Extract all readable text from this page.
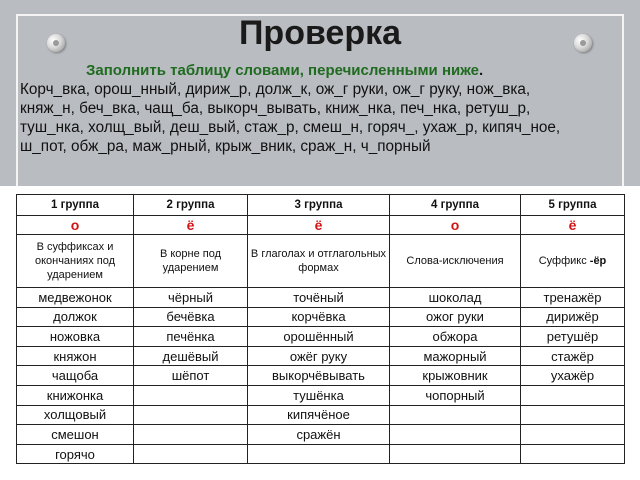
Проверка

Заполнить таблицу словами, перечисленными ниже.

Корч_вка, орош_нный, дириж_р, долж_к, ож_г руки, ож_г руку, нож_вка,
княж_н, беч_вка, чащ_ба, выкорч_вывать, книж_нка, печ_нка, ретуш_р,
туш_нка, холщ_вый, деш_вый, стаж_р, смеш_н, горяч_, ухаж_р, кипяч_ное,
ш_пот, обж_ра, маж_рный, крыж_вник, сраж_н, ч_порный
1 группа	2 группа	3 группа	4 группа	5 группа
о	ё	ё	о	ё
В суффиксах и окончаниях под ударением	В корне под ударением	В глаголах и отглагольных формах	Слова-исключения	Суффикс -ёр
медвежонок	чёрный	точёный	шоколад	тренажёр
должок	бечёвка	корчёвка	ожог руки	дирижёр
ножовка	печёнка	орошённый	обжора	ретушёр
княжон	дешёвый	ожёг руку	мажорный	стажёр
чащоба	шёпот	выкорчёвывать	крыжовник	ухажёр
книжонка		тушёнка	чопорный	
холщовый		кипячёное		
смешон		сражён		
горячо				
